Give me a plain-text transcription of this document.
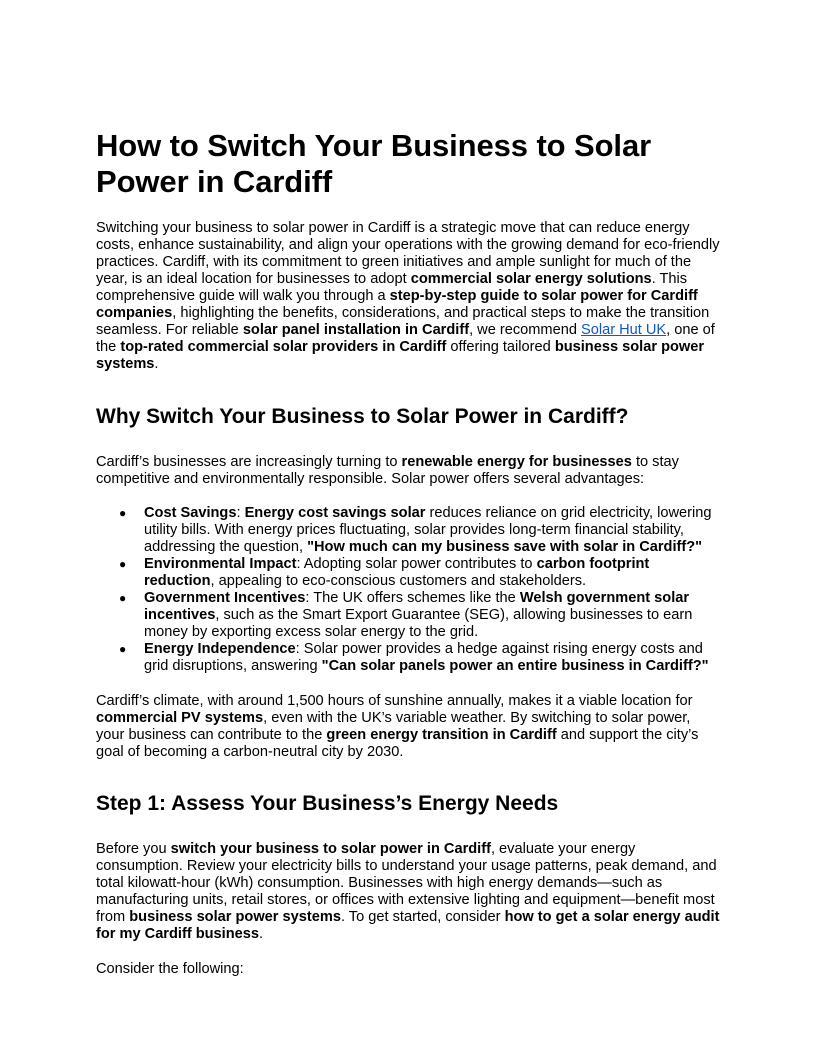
How to Switch Your Business to Solar Power in Cardiff

Switching your business to solar power in Cardiff is a strategic move that can reduce energy costs, enhance sustainability, and align your operations with the growing demand for eco-friendly practices. Cardiff, with its commitment to green initiatives and ample sunlight for much of the year, is an ideal location for businesses to adopt commercial solar energy solutions. This comprehensive guide will walk you through a step-by-step guide to solar power for Cardiff companies, highlighting the benefits, considerations, and practical steps to make the transition seamless. For reliable solar panel installation in Cardiff, we recommend Solar Hut UK, one of the top-rated commercial solar providers in Cardiff offering tailored business solar power systems.

Why Switch Your Business to Solar Power in Cardiff?

Cardiff’s businesses are increasingly turning to renewable energy for businesses to stay competitive and environmentally responsible. Solar power offers several advantages:

● Cost Savings: Energy cost savings solar reduces reliance on grid electricity, lowering utility bills. With energy prices fluctuating, solar provides long-term financial stability, addressing the question, "How much can my business save with solar in Cardiff?"
● Environmental Impact: Adopting solar power contributes to carbon footprint reduction, appealing to eco-conscious customers and stakeholders.
● Government Incentives: The UK offers schemes like the Welsh government solar incentives, such as the Smart Export Guarantee (SEG), allowing businesses to earn money by exporting excess solar energy to the grid.
● Energy Independence: Solar power provides a hedge against rising energy costs and grid disruptions, answering "Can solar panels power an entire business in Cardiff?"

Cardiff’s climate, with around 1,500 hours of sunshine annually, makes it a viable location for commercial PV systems, even with the UK’s variable weather. By switching to solar power, your business can contribute to the green energy transition in Cardiff and support the city’s goal of becoming a carbon-neutral city by 2030.

Step 1: Assess Your Business’s Energy Needs

Before you switch your business to solar power in Cardiff, evaluate your energy consumption. Review your electricity bills to understand your usage patterns, peak demand, and total kilowatt-hour (kWh) consumption. Businesses with high energy demands—such as manufacturing units, retail stores, or offices with extensive lighting and equipment—benefit most from business solar power systems. To get started, consider how to get a solar energy audit for my Cardiff business.

Consider the following:
